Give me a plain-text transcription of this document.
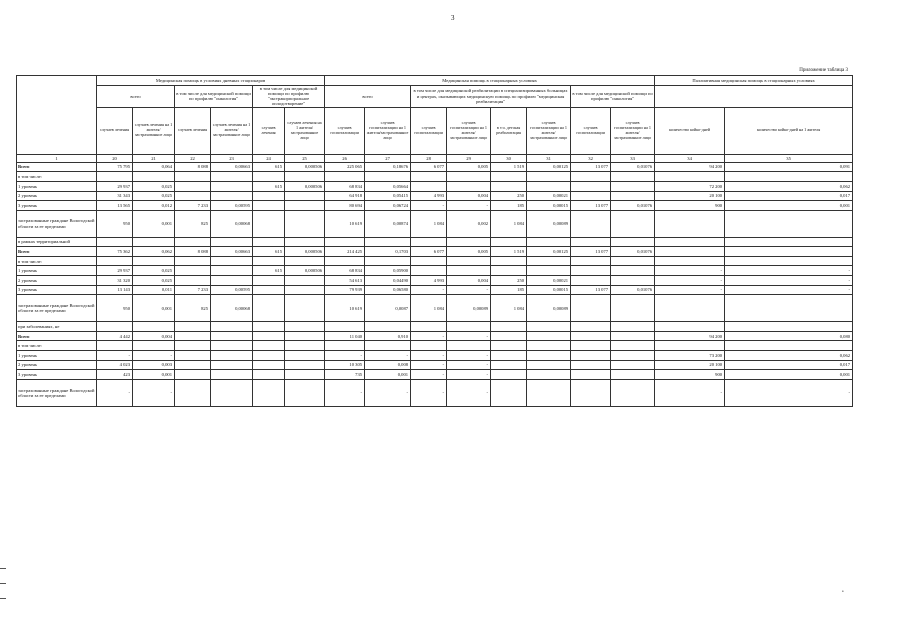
3
Приложение таблица 3
	Медицинская помощь в условиях дневных стационаров						Медицинская помощь в стационарных условиях								Паллиативная медицинская помощь в стационарных условиях	
	всего		в том числе для медицинской помощи по профилю "онкология"		в том числе для медицинской помощи по профилю "экстракорпоральное оплодотворение"		всего		в том числе для медицинской реабилитации в специализированных больницах и центрах, оказывающих медицинскую помощь по профилю "медицинская реабилитация"				в том числе для медицинской помощи по профилю "онкология"			
	случаев лечения	случаев лечения на 1 жителя/застрахованное лицо	случаев лечения	случаев лечения на 1 жителя/застрахованное лицо	случаев лечения	случаев лечения на 1 жителя/застрахованное лицо	случаев госпитализации	случаев госпитализации на 1 жителя/застрахованное лицо	случаев госпитализации	случаев госпитализации на 1 жителя/застрахованное лицо	в т.ч. детская реабилитация	случаев госпитализации на 1 жителя/застрахованное лицо	случаев госпитализации	случаев госпитализации на 1 жителя/застрахованное лицо	количество койко-дней	количество койко-дней на 1 жителя
1	20	21	22	23	24	25	26	27	28	29	30	31	32	33	34	35
Всего	75 795	0,064	8 088	0,00663	615	0,000506	225 065	0,18676	6 077	0,005	1 519	0,00125	13 077	0,01076	94 200	0,091
в том числе:																
1 уровень	29 937	0,025			615	0,000506	68 834	0,05664							72 200	0,062
2 уровень	31 343	0,025					64 918	0,05415	4 993	0,004	250	0,00021			20 100	0,017
3 уровень	13 565	0,012	7 233	0,00595			80 694	0,06724	-	-	185	0,00015	13 077	0,01076	900	0,001
застрахованные граждане Вологодской области за ее пределами	950	0,001	825	0,00068			10 619	0,00874	1 084	0,002	1 084	0,00089				
в рамках территориальной																
Всего	75 362	0,062	8 088	0,00663	615	0,000506	214 425	0,1703	6 077	0,005	1 519	0,00125	13 077	0,01076		
в том числе:																
1 уровень	29 937	0,025			615	0,000506	68 834	0,05900							-	-
2 уровень	31 320	0,025					54 613	0,04490	4 993	0,004	250	0,00021			-	-
3 уровень	13 143	0,011	7 233	0,00595			79 939	0,06580	-	-	185	0,00015	13 077	0,01076	-	-
застрахованные граждане Вологодской области за ее пределами	950	0,001	825	0,00068			10 619	0,0087	1 084	0,00089	1 084	0,00089				
при заболеваниях, не																
Всего	4 442	0,004					11 040	0,910	-	-					94 200	0,080
в том числе:																
1 уровень	-	-					-	-	-	-					73 200	0,062
2 уровень	4 023	0,003					10 305	0,008	-	-					20 100	0,017
3 уровень	423	0,001					735	0,001	-	-					900	0,001
застрахованные граждане Вологодской области за ее пределами	-	-					-	-	-	-					-	-
•
